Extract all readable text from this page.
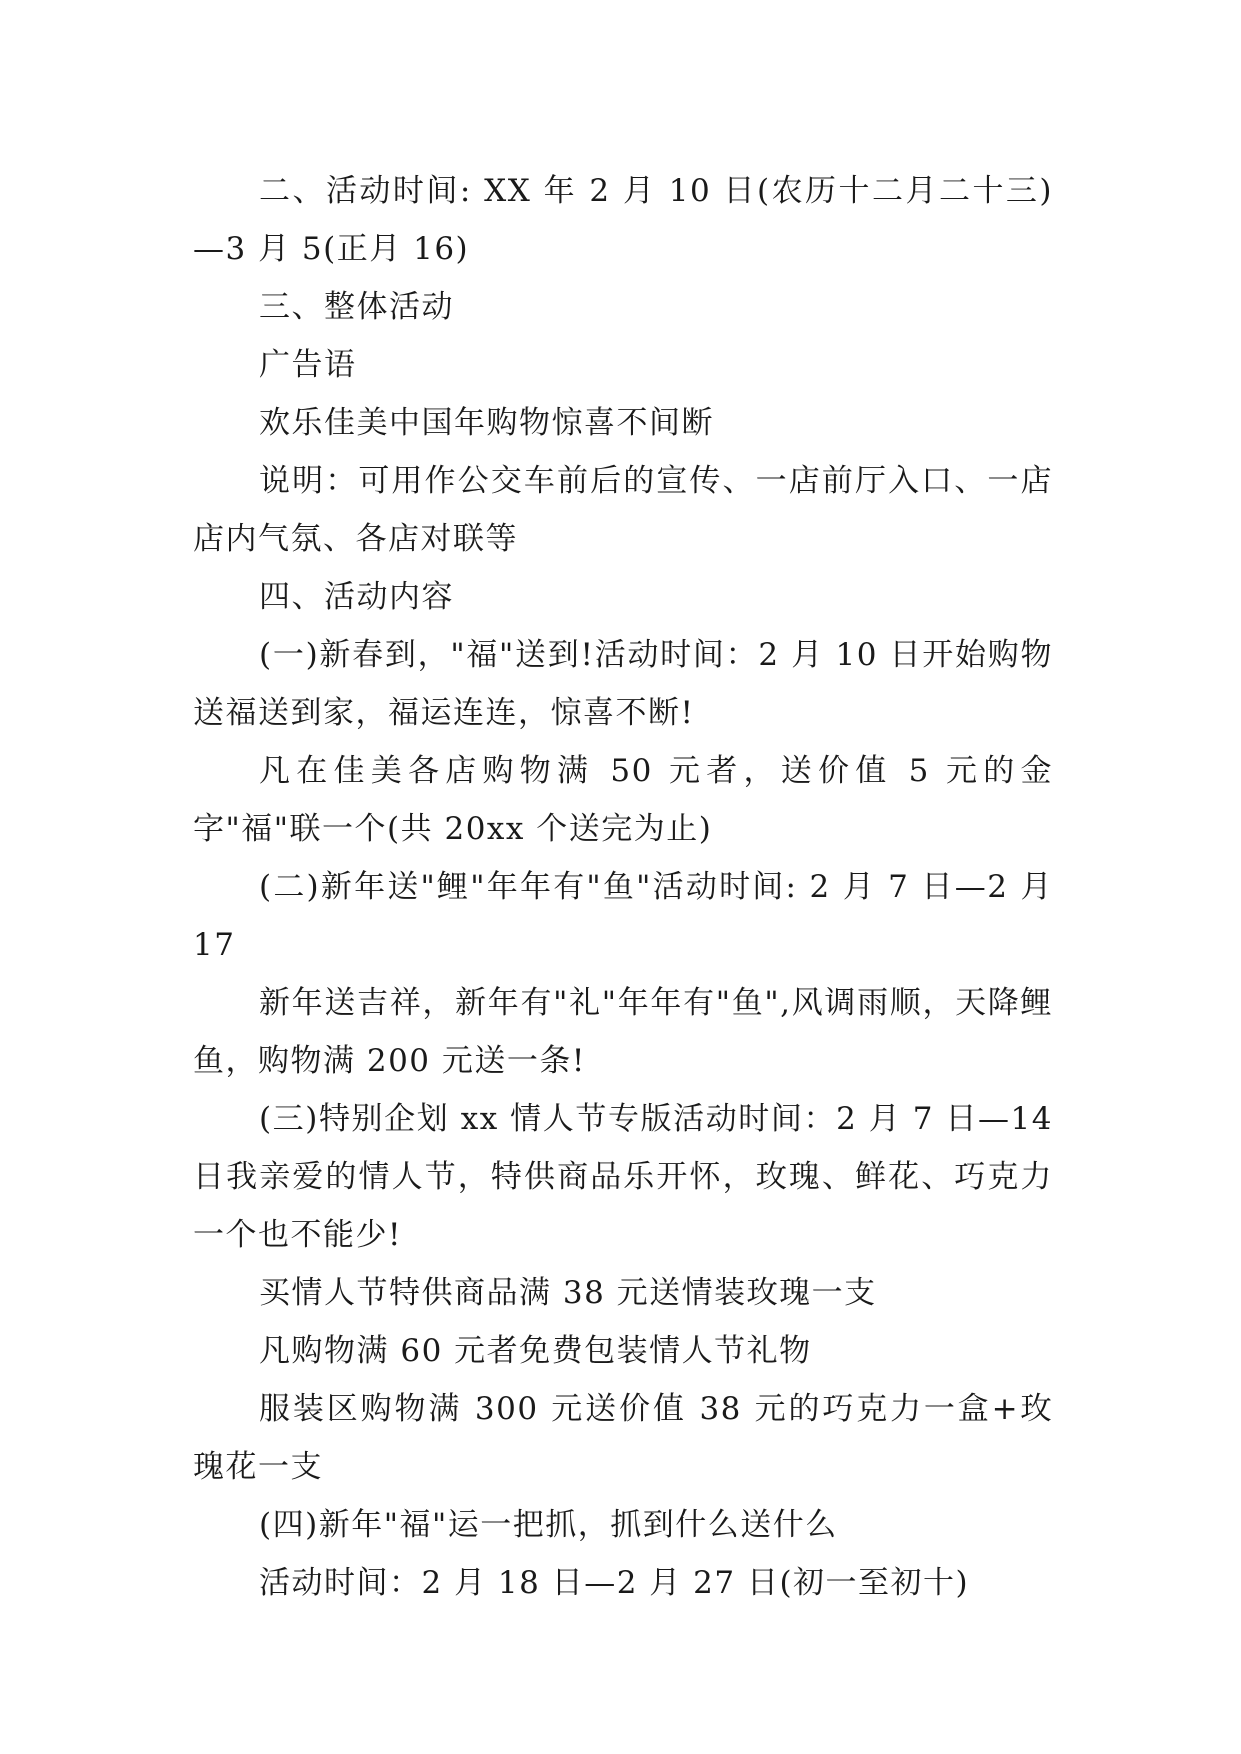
二、活动时间: XX 年 2 月 10 日(农历十二月二十三)—3 月 5(正月 16)

三、整体活动

广告语

欢乐佳美中国年购物惊喜不间断

说明：可用作公交车前后的宣传、一店前厅入口、一店店内气氛、各店对联等

四、活动内容

(一)新春到，"福"送到!活动时间：2 月 10 日开始购物送福送到家，福运连连，惊喜不断!

凡在佳美各店购物满 50 元者，送价值 5 元的金字"福"联一个(共 20xx 个送完为止)

(二)新年送"鲤"年年有"鱼"活动时间: 2 月 7 日—2 月 17

新年送吉祥，新年有"礼"年年有"鱼",风调雨顺，天降鲤鱼，购物满 200 元送一条!

(三)特别企划 xx 情人节专版活动时间：2 月 7 日—14 日我亲爱的情人节，特供商品乐开怀，玫瑰、鲜花、巧克力一个也不能少!

买情人节特供商品满 38 元送情装玫瑰一支

凡购物满 60 元者免费包装情人节礼物

服装区购物满 300 元送价值 38 元的巧克力一盒+玫瑰花一支

(四)新年"福"运一把抓，抓到什么送什么

活动时间：2 月 18 日—2 月 27 日(初一至初十)
